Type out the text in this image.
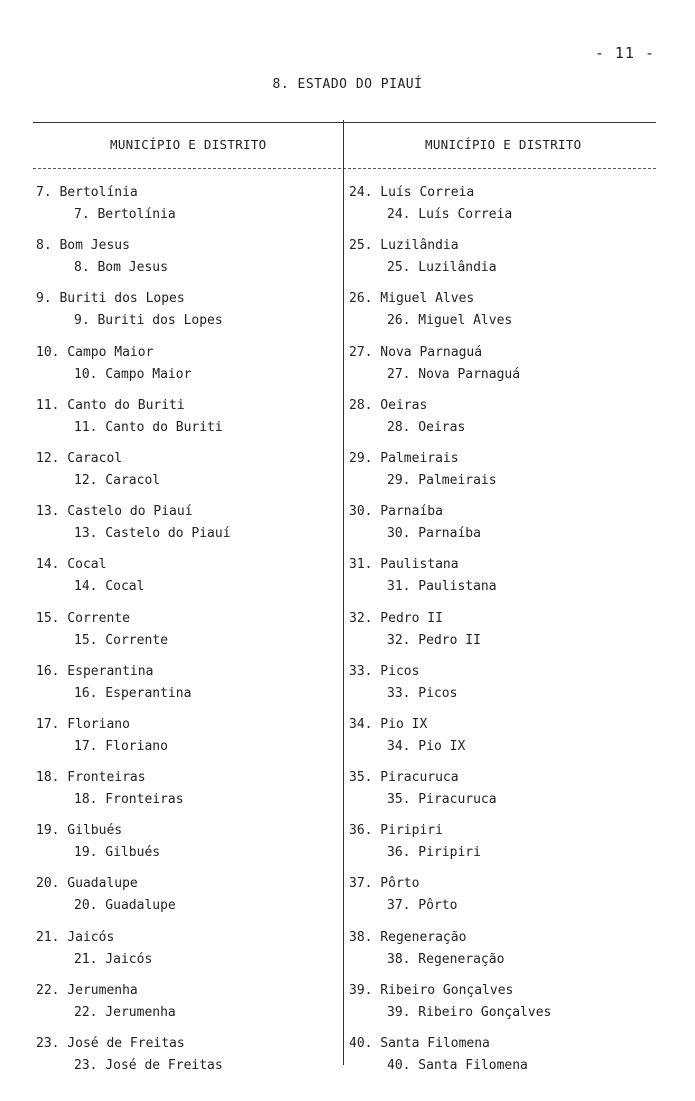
- 11 -
8. ESTADO DO PIAUÍ
MUNICÍPIO E DISTRITO	MUNICÍPIO E DISTRITO
7. Bertolínia
7. Bertolínia
8. Bom Jesus
8. Bom Jesus
9. Buriti dos Lopes
9. Buriti dos Lopes
10. Campo Maior
10. Campo Maior
11. Canto do Buriti
11. Canto do Buriti
12. Caracol
12. Caracol
13. Castelo do Piauí
13. Castelo do Piauí
14. Cocal
14. Cocal
15. Corrente
15. Corrente
16. Esperantina
16. Esperantina
17. Floriano
17. Floriano
18. Fronteiras
18. Fronteiras
19. Gilbués
19. Gilbués
20. Guadalupe
20. Guadalupe
21. Jaicós
21. Jaicós
22. Jerumenha
22. Jerumenha
23. José de Freitas
23. José de Freitas
24. Luís Correia
24. Luís Correia
25. Luzilândia
25. Luzilândia
26. Miguel Alves
26. Miguel Alves
27. Nova Parnaguá
27. Nova Parnaguá
28. Oeiras
28. Oeiras
29. Palmeirais
29. Palmeirais
30. Parnaíba
30. Parnaíba
31. Paulistana
31. Paulistana
32. Pedro II
32. Pedro II
33. Picos
33. Picos
34. Pio IX
34. Pio IX
35. Piracuruca
35. Piracuruca
36. Piripiri
36. Piripiri
37. Pôrto
37. Pôrto
38. Regeneração
38. Regeneração
39. Ribeiro Gonçalves
39. Ribeiro Gonçalves
40. Santa Filomena
40. Santa Filomena
